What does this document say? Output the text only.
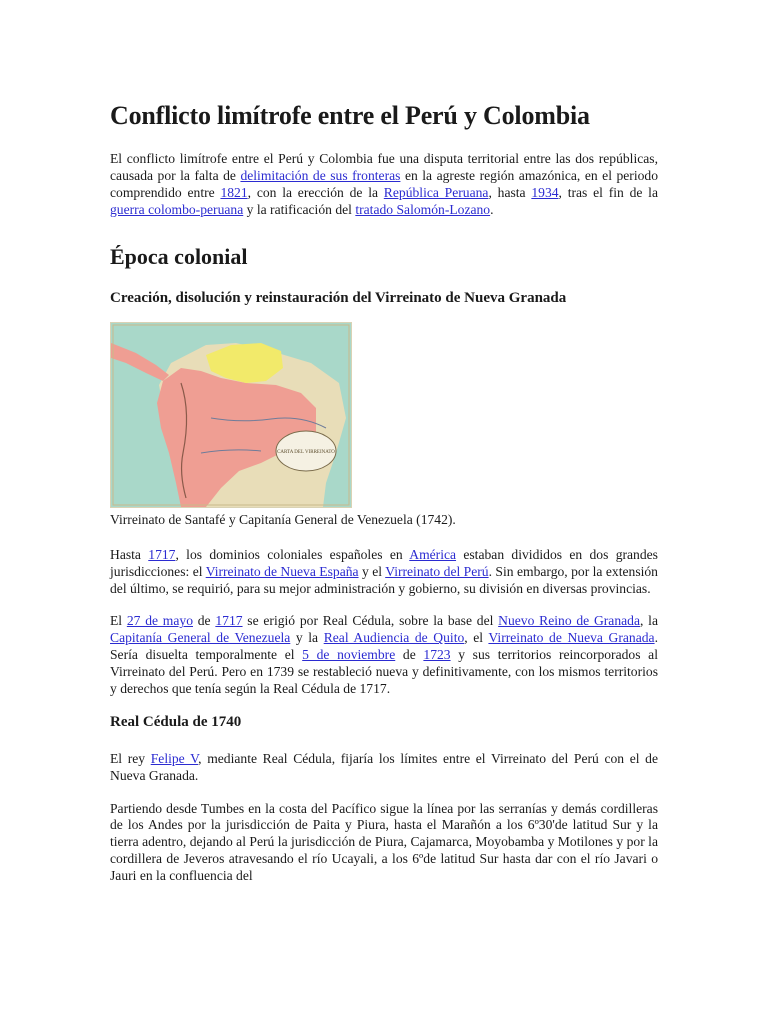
Conflicto limítrofe entre el Perú y Colombia

El conflicto limítrofe entre el Perú y Colombia fue una disputa territorial entre las dos repúblicas, causada por la falta de delimitación de sus fronteras en la agreste región amazónica, en el periodo comprendido entre 1821, con la erección de la República Peruana, hasta 1934, tras el fin de la guerra colombo-peruana y la ratificación del tratado Salomón-Lozano.

Época colonial
Creación, disolución y reinstauración del Virreinato de Nueva Granada
CARTA DEL VIRREINATO
Virreinato de Santafé y Capitanía General de Venezuela (1742).

Hasta 1717, los dominios coloniales españoles en América estaban divididos en dos grandes jurisdicciones: el Virreinato de Nueva España y el Virreinato del Perú. Sin embargo, por la extensión del último, se requirió, para su mejor administración y gobierno, su división en diversas provincias.

El 27 de mayo de 1717 se erigió por Real Cédula, sobre la base del Nuevo Reino de Granada, la Capitanía General de Venezuela y la Real Audiencia de Quito, el Virreinato de Nueva Granada. Sería disuelta temporalmente el 5 de noviembre de 1723 y sus territorios reincorporados al Virreinato del Perú. Pero en 1739 se restableció nueva y definitivamente, con los mismos territorios y derechos que tenía según la Real Cédula de 1717.

Real Cédula de 1740

El rey Felipe V, mediante Real Cédula, fijaría los límites entre el Virreinato del Perú con el de Nueva Granada.

Partiendo desde Tumbes en la costa del Pacífico sigue la línea por las serranías y demás cordilleras de los Andes por la jurisdicción de Paita y Piura, hasta el Marañón a los 6º30'de latitud Sur y la tierra adentro, dejando al Perú la jurisdicción de Piura, Cajamarca, Moyobamba y Motilones y por la cordillera de Jeveros atravesando el río Ucayali, a los 6ºde latitud Sur hasta dar con el río Javari o Jauri en la confluencia del
